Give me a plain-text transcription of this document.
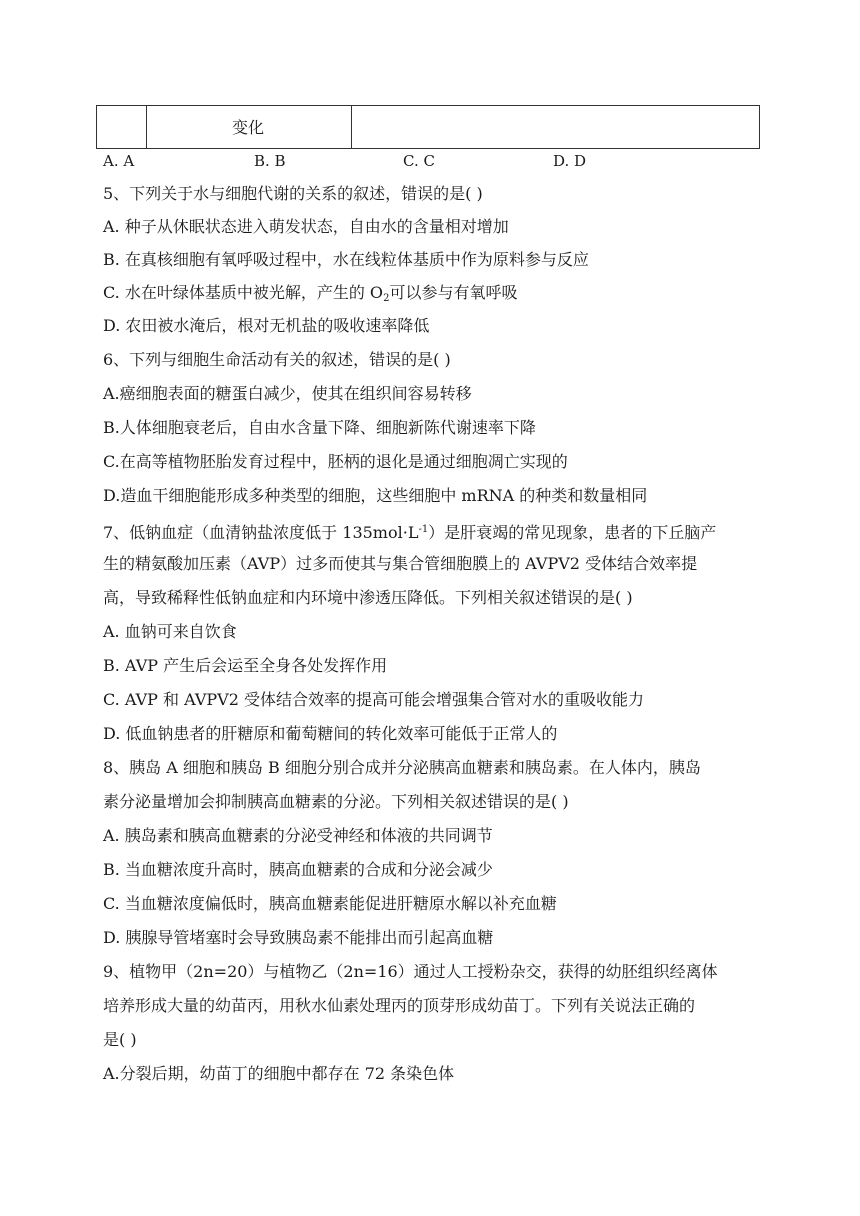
变化
A. A	B. B	C. C	D. D
5、下列关于水与细胞代谢的关系的叙述，错误的是( )
A. 种子从休眠状态进入萌发状态，自由水的含量相对增加
B. 在真核细胞有氧呼吸过程中，水在线粒体基质中作为原料参与反应
C. 水在叶绿体基质中被光解，产生的 $O_2$可以参与有氧呼吸
D. 农田被水淹后，根对无机盐的吸收速率降低
6、下列与细胞生命活动有关的叙述，错误的是( )
A.癌细胞表面的糖蛋白减少，使其在组织间容易转移
B.人体细胞衰老后，自由水含量下降、细胞新陈代谢速率下降
C.在高等植物胚胎发育过程中，胚柄的退化是通过细胞凋亡实现的
D.造血干细胞能形成多种类型的细胞，这些细胞中 mRNA 的种类和数量相同
7、低钠血症（血清钠盐浓度低于 $135mol\cdot L^{-1}$）是肝衰竭的常见现象，患者的下丘脑产
生的精氨酸加压素（AVP）过多而使其与集合管细胞膜上的 AVPV2 受体结合效率提
高，导致稀释性低钠血症和内环境中渗透压降低。下列相关叙述错误的是( )
A. 血钠可来自饮食
B. AVP 产生后会运至全身各处发挥作用
C. AVP 和 AVPV2 受体结合效率的提高可能会增强集合管对水的重吸收能力
D. 低血钠患者的肝糖原和葡萄糖间的转化效率可能低于正常人的
8、胰岛 A 细胞和胰岛 B 细胞分别合成并分泌胰高血糖素和胰岛素。在人体内，胰岛
素分泌量增加会抑制胰高血糖素的分泌。下列相关叙述错误的是( )
A. 胰岛素和胰高血糖素的分泌受神经和体液的共同调节
B. 当血糖浓度升高时，胰高血糖素的合成和分泌会减少
C. 当血糖浓度偏低时，胰高血糖素能促进肝糖原水解以补充血糖
D. 胰腺导管堵塞时会导致胰岛素不能排出而引起高血糖
9、植物甲（2n=20）与植物乙（2n=16）通过人工授粉杂交，获得的幼胚组织经离体
培养形成大量的幼苗丙，用秋水仙素处理丙的顶芽形成幼苗丁。下列有关说法正确的
是( )
A.分裂后期，幼苗丁的细胞中都存在 72 条染色体
